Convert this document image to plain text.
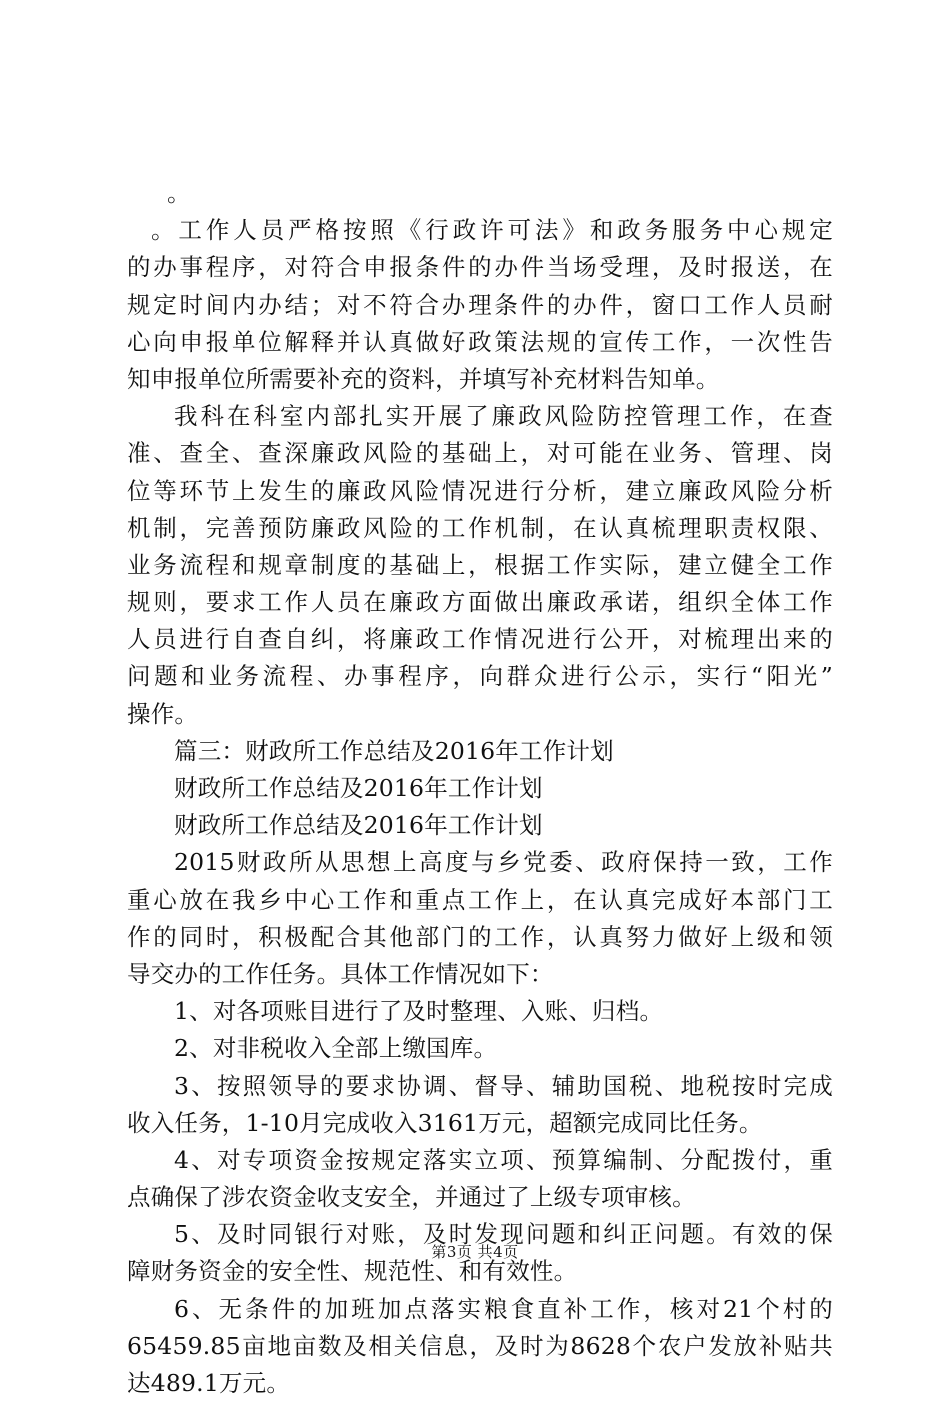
。
。工作人员严格按照《行政许可法》和政务服务中心规定
的办事程序，对符合申报条件的办件当场受理，及时报送，在
规定时间内办结；对不符合办理条件的办件，窗口工作人员耐
心向申报单位解释并认真做好政策法规的宣传工作，一次性告
知申报单位所需要补充的资料，并填写补充材料告知单。
我科在科室内部扎实开展了廉政风险防控管理工作，在查
准、查全、查深廉政风险的基础上，对可能在业务、管理、岗
位等环节上发生的廉政风险情况进行分析，建立廉政风险分析
机制，完善预防廉政风险的工作机制，在认真梳理职责权限、
业务流程和规章制度的基础上，根据工作实际，建立健全工作
规则，要求工作人员在廉政方面做出廉政承诺，组织全体工作
人员进行自查自纠，将廉政工作情况进行公开，对梳理出来的
问题和业务流程、办事程序，向群众进行公示，实行“阳光”
操作。
篇三：财政所工作总结及2016年工作计划
财政所工作总结及2016年工作计划
财政所工作总结及2016年工作计划
2015财政所从思想上高度与乡党委、政府保持一致，工作
重心放在我乡中心工作和重点工作上，在认真完成好本部门工
作的同时，积极配合其他部门的工作，认真努力做好上级和领
导交办的工作任务。具体工作情况如下：
1、对各项账目进行了及时整理、入账、归档。
2、对非税收入全部上缴国库。
3、按照领导的要求协调、督导、辅助国税、地税按时完成
收入任务，1-10月完成收入3161万元，超额完成同比任务。
4、对专项资金按规定落实立项、预算编制、分配拨付，重
点确保了涉农资金收支安全，并通过了上级专项审核。
5、及时同银行对账，及时发现问题和纠正问题。有效的保
障财务资金的安全性、规范性、和有效性。
6、无条件的加班加点落实粮食直补工作，核对21个村的
65459.85亩地亩数及相关信息，及时为8628个农户发放补贴共
达489.1万元。
第3页 共4页
